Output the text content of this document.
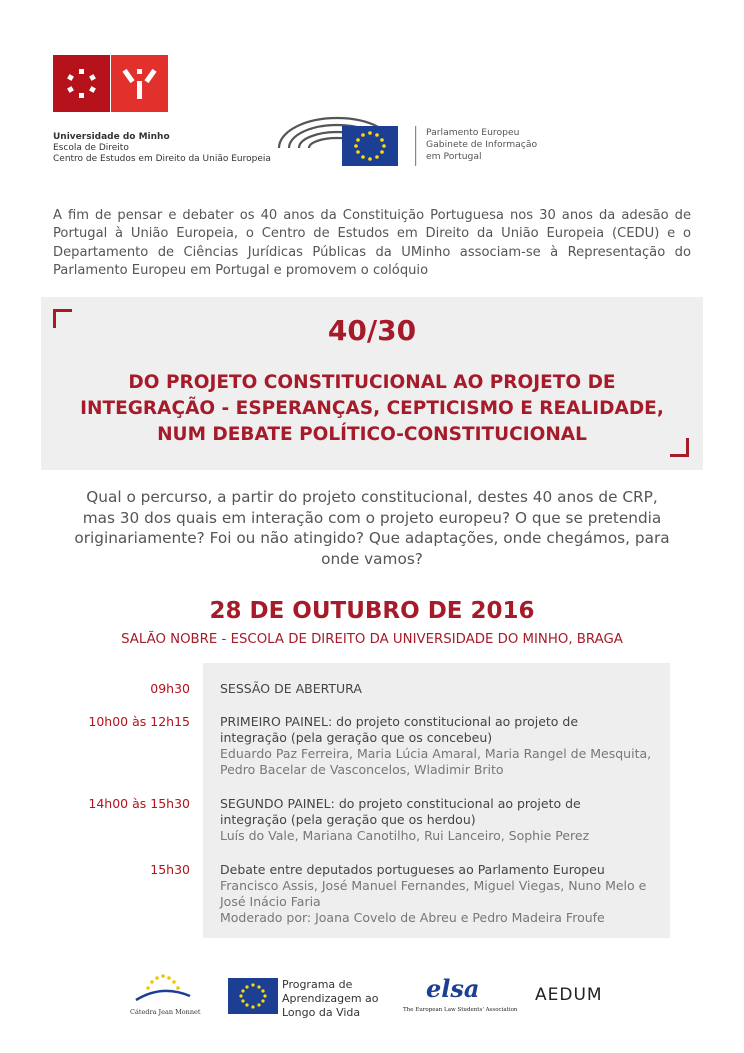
Universidade do Minho
Escola de Direito
Centro de Estudos em Direito da União Europeia
Parlamento Europeu
Gabinete de Informação
em Portugal
A fim de pensar e debater os 40 anos da Constituição Portuguesa nos 30 anos da adesão de Portugal à União Europeia, o Centro de Estudos em Direito da União Europeia (CEDU) e o Departamento de Ciências Jurídicas Públicas da UMinho associam-se à Representação do Parlamento Europeu em Portugal e promovem o colóquio
40/30
DO PROJETO CONSTITUCIONAL AO PROJETO DE
INTEGRAÇÃO - ESPERANÇAS, CEPTICISMO E REALIDADE,
NUM DEBATE POLÍTICO-CONSTITUCIONAL
Qual o percurso, a partir do projeto constitucional, destes 40 anos de CRP,
mas 30 dos quais em interação com o projeto europeu? O que se pretendia
originariamente? Foi ou não atingido? Que adaptações, onde chegámos, para
onde vamos?
28 DE OUTUBRO DE 2016
SALÃO NOBRE - ESCOLA DE DIREITO DA UNIVERSIDADE DO MINHO, BRAGA
09h30 SESSÃO DE ABERTURA
10h00 às 12h15 PRIMEIRO PAINEL: do projeto constitucional ao projeto de
integração (pela geração que os concebeu)
Eduardo Paz Ferreira, Maria Lúcia Amaral, Maria Rangel de Mesquita,
Pedro Bacelar de Vasconcelos, Wladimir Brito
14h00 às 15h30 SEGUNDO PAINEL: do projeto constitucional ao projeto de
integração (pela geração que os herdou)
Luís do Vale, Mariana Canotilho, Rui Lanceiro, Sophie Perez
15h30 Debate entre deputados portugueses ao Parlamento Europeu
Francisco Assis, José Manuel Fernandes, Miguel Viegas, Nuno Melo e
José Inácio Faria
Moderado por: Joana Covelo de Abreu e Pedro Madeira Froufe
Cátedra Jean Monnet
Programa de
Aprendizagem ao
Longo da Vida
elsa
The European Law Students' Association
AEDUM
